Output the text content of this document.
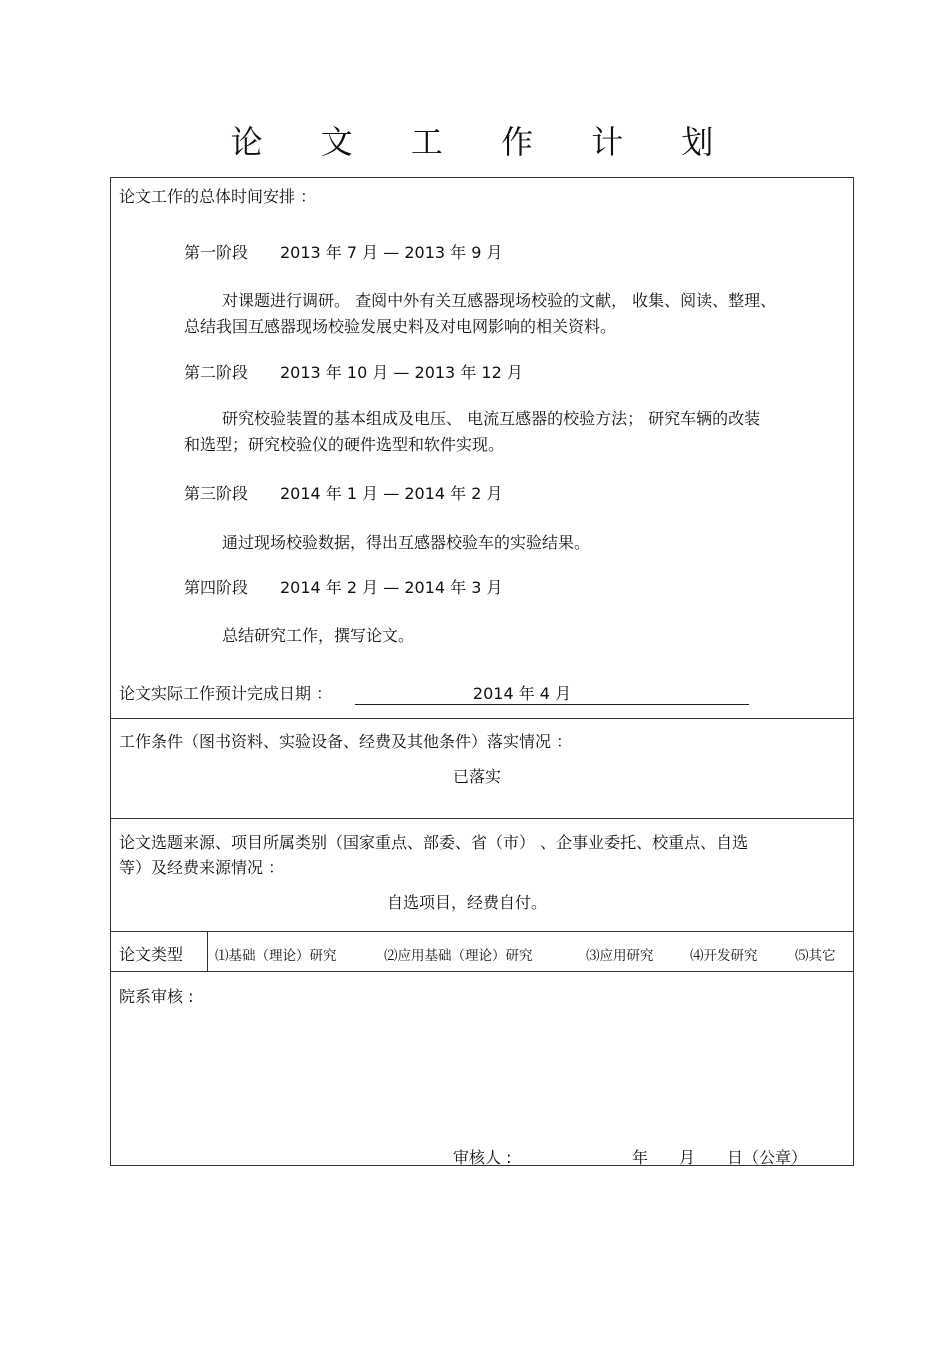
论 文 工 作 计 划
论文工作的总体时间安排 ：
第一阶段 2013 年 7 月 — 2013 年 9 月
对课题进行调研。 查阅中外有关互感器现场校验的文献， 收集、阅读、整理、
总结我国互感器现场校验发展史料及对电网影响的相关资料。
第二阶段 2013 年 10 月 — 2013 年 12 月
研究校验装置的基本组成及电压、 电流互感器的校验方法； 研究车辆的改装
和选型；研究校验仪的硬件选型和软件实现。
第三阶段 2014 年 1 月 — 2014 年 2 月
通过现场校验数据，得出互感器校验车的实验结果。
第四阶段 2014 年 2 月 — 2014 年 3 月
总结研究工作，撰写论文。
论文实际工作预计完成日期 ：	2014 年 4 月
工作条件（图书资料、实验设备、经费及其他条件）落实情况 ：
已落实
论文选题来源、项目所属类别（国家重点、部委、省（市） 、企事业委托、校重点、自选
等）及经费来源情况 ：
自选项目，经费自付。
论文类型 ⑴基础（理论）研究	⑵应用基础（理论）研究	⑶应用研究	⑷开发研究	⑸其它
院系审核 :
审核人 :	年 月 日（公章）
